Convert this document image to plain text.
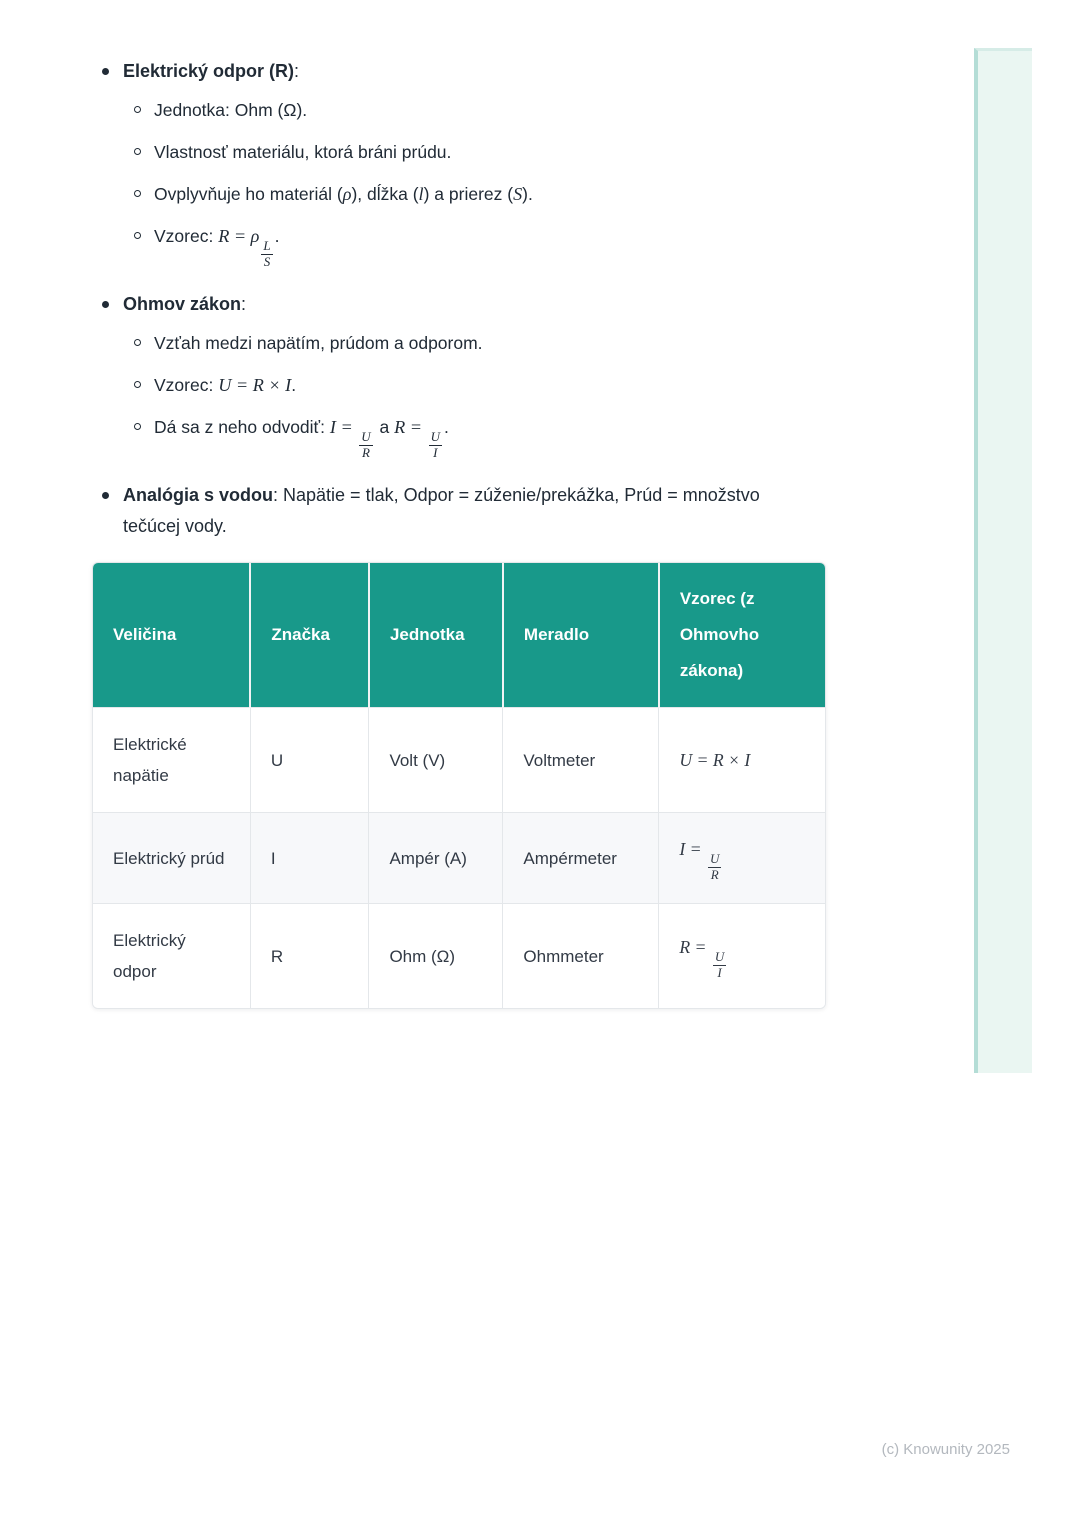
Elektrický odpor (R):

Jednotka: Ohm (Ω).

Vlastnosť materiálu, ktorá bráni prúdu.

Ovplyvňuje ho materiál (ρ), dĺžka (l) a prierez (S).

Vzorec: R = ρ
$\frac{L}{S}$
.

Ohmov zákon:

Vzťah medzi napätím, prúdom a odporom.

Vzorec: U = R × I.

Dá sa z neho odvodiť: I =
$\frac{U}{R}$
a R =
$\frac{U}{I}$
.

Analógia s vodou: Napätie = tlak, Odpor = zúženie/prekážka, Prúd = množstvo tečúcej vody.

Veličina	Značka	Jednotka	Meradlo	Vzorec (z Ohmovho zákona)
Elektrické napätie	U	Volt (V)	Voltmeter	U = R × I
Elektrický prúd	I	Ampér (A)	Ampérmeter	I =
$\frac{U}{R}$

Elektrický odpor	R	Ohm (Ω)	Ohmmeter	R =
$\frac{U}{I}$
(c) Knowunity 2025
